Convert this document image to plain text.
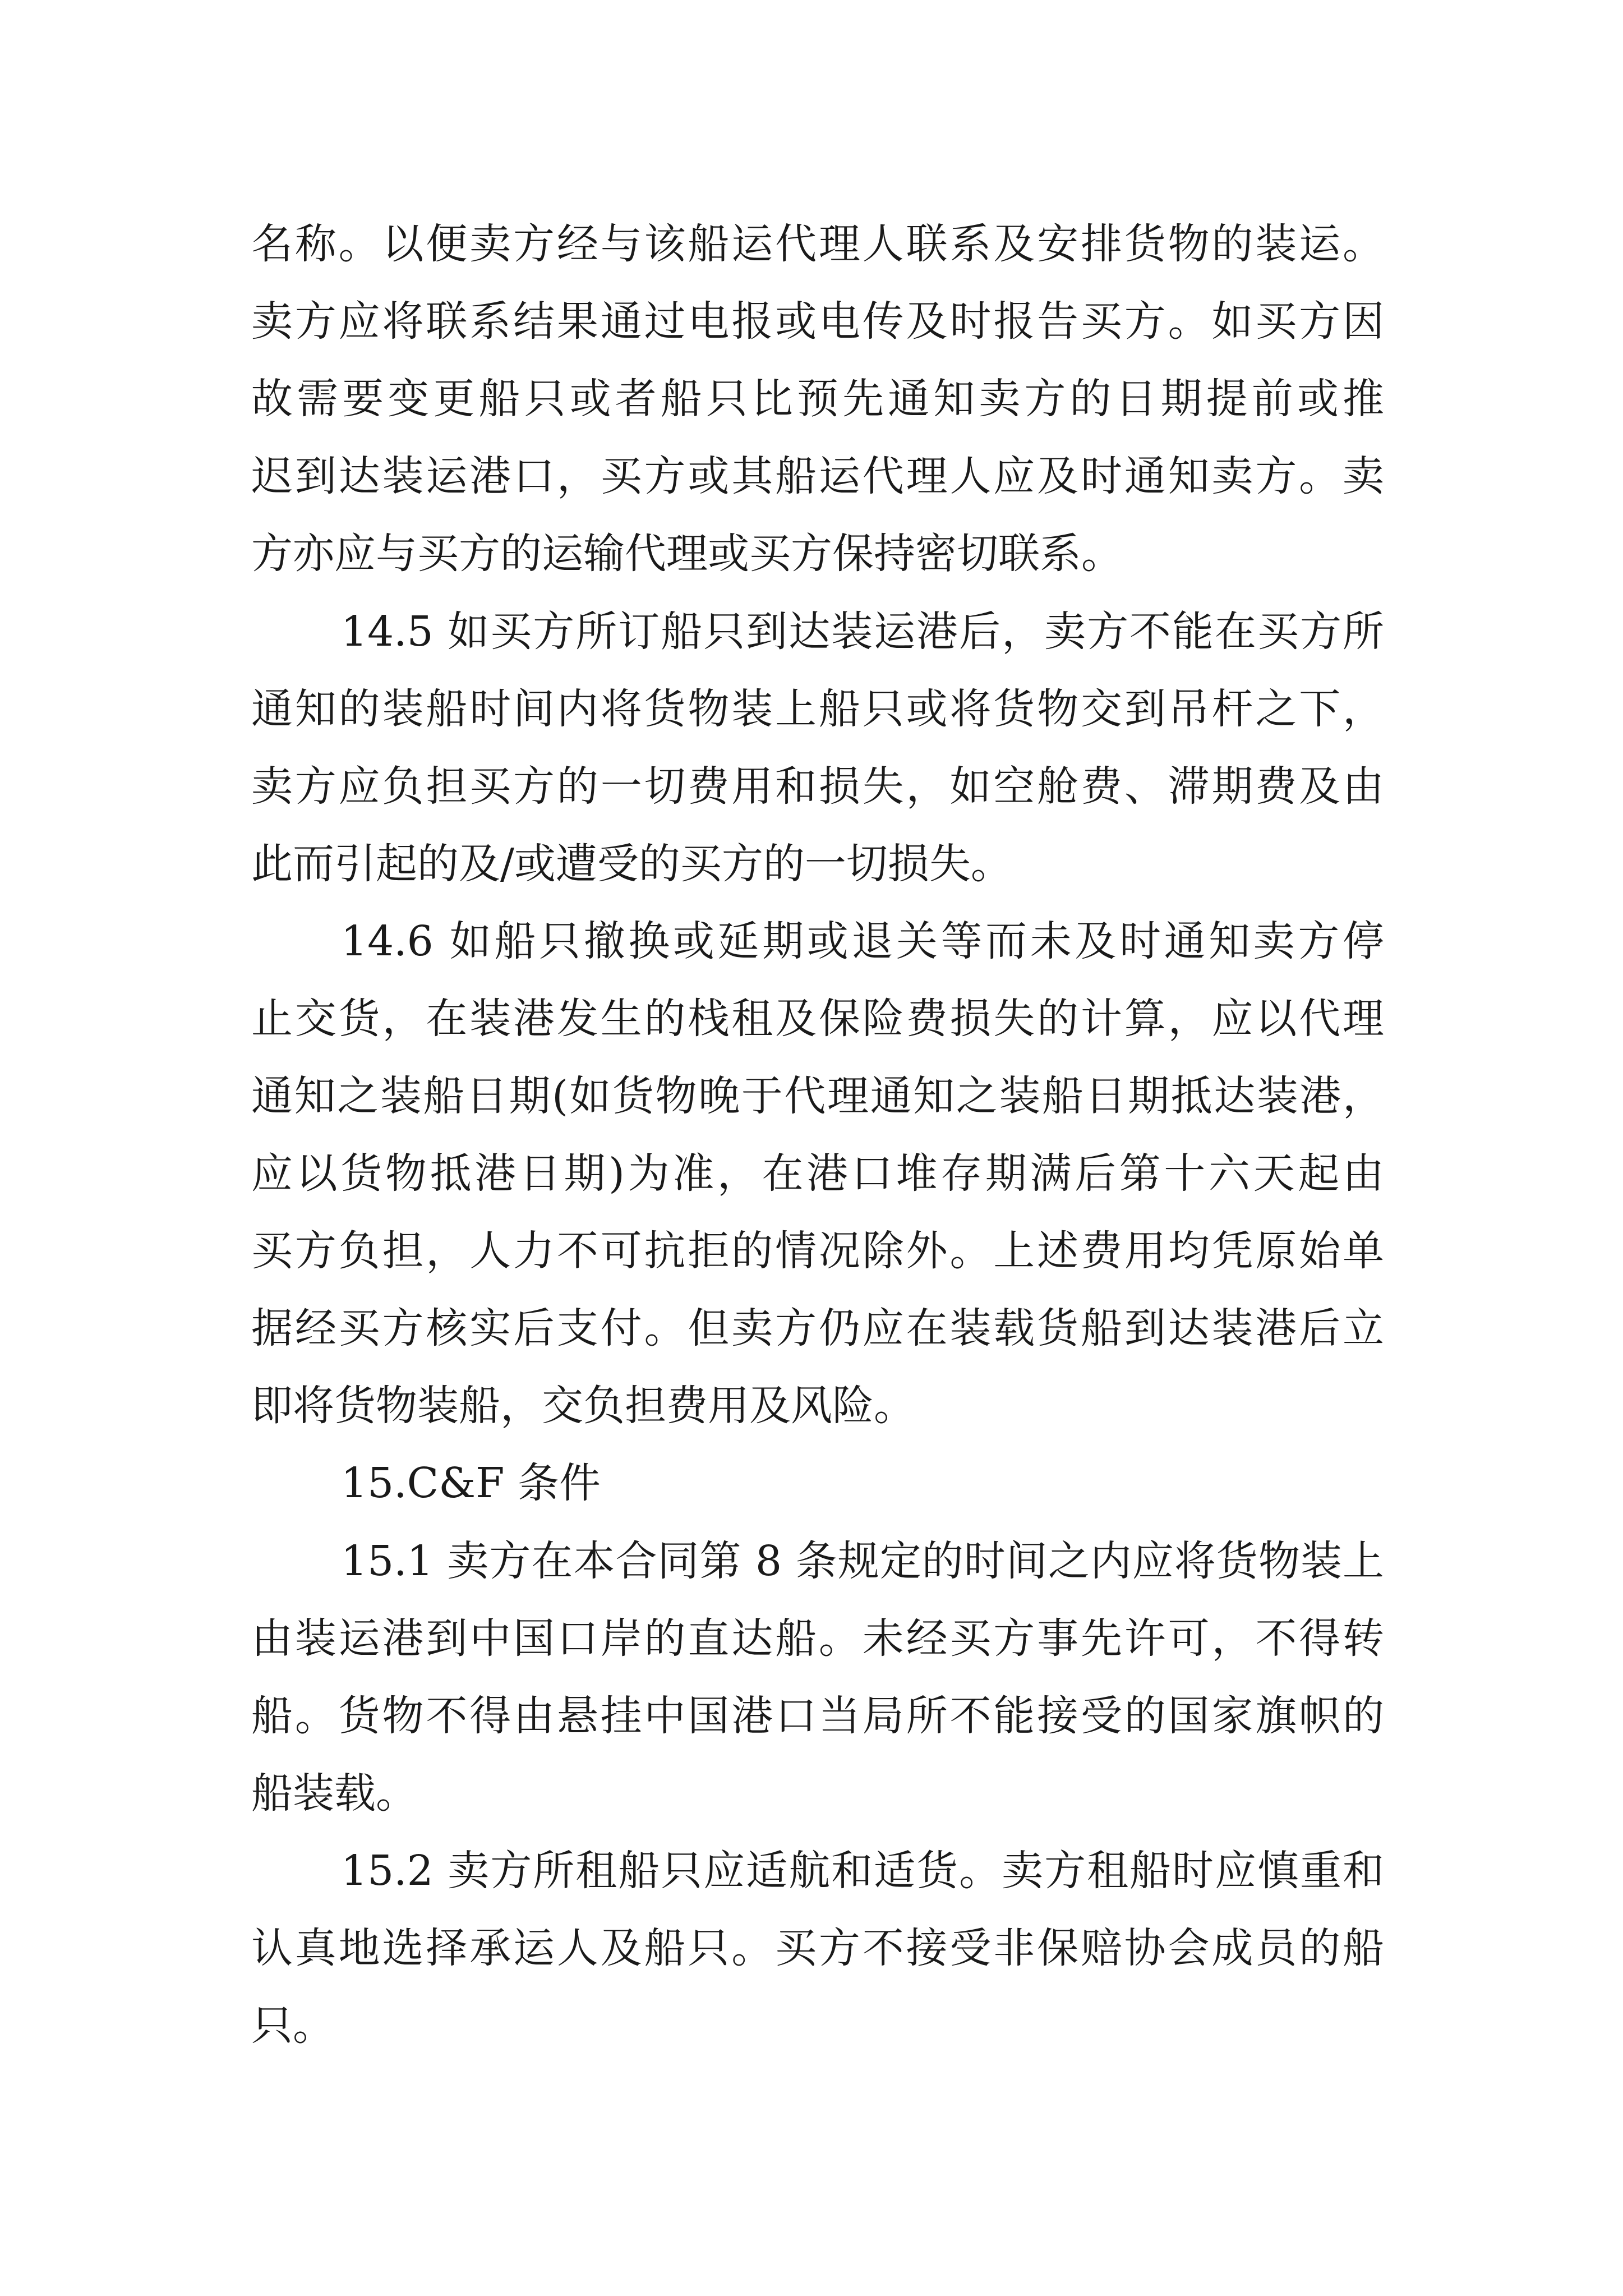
名称。以便卖方经与该船运代理人联系及安排货物的装运。
卖方应将联系结果通过电报或电传及时报告买方。如买方因
故需要变更船只或者船只比预先通知卖方的日期提前或推
迟到达装运港口，买方或其船运代理人应及时通知卖方。卖
方亦应与买方的运输代理或买方保持密切联系。
14.5 如买方所订船只到达装运港后，卖方不能在买方所
通知的装船时间内将货物装上船只或将货物交到吊杆之下，
卖方应负担买方的一切费用和损失，如空舱费、滞期费及由
此而引起的及/或遭受的买方的一切损失。
14.6 如船只撤换或延期或退关等而未及时通知卖方停
止交货，在装港发生的栈租及保险费损失的计算，应以代理
通知之装船日期(如货物晚于代理通知之装船日期抵达装港，
应以货物抵港日期)为准，在港口堆存期满后第十六天起由
买方负担，人力不可抗拒的情况除外。上述费用均凭原始单
据经买方核实后支付。但卖方仍应在装载货船到达装港后立
即将货物装船，交负担费用及风险。
15.C&F 条件
15.1 卖方在本合同第 8 条规定的时间之内应将货物装上
由装运港到中国口岸的直达船。未经买方事先许可，不得转
船。货物不得由悬挂中国港口当局所不能接受的国家旗帜的
船装载。
15.2 卖方所租船只应适航和适货。卖方租船时应慎重和
认真地选择承运人及船只。买方不接受非保赔协会成员的船
只。
